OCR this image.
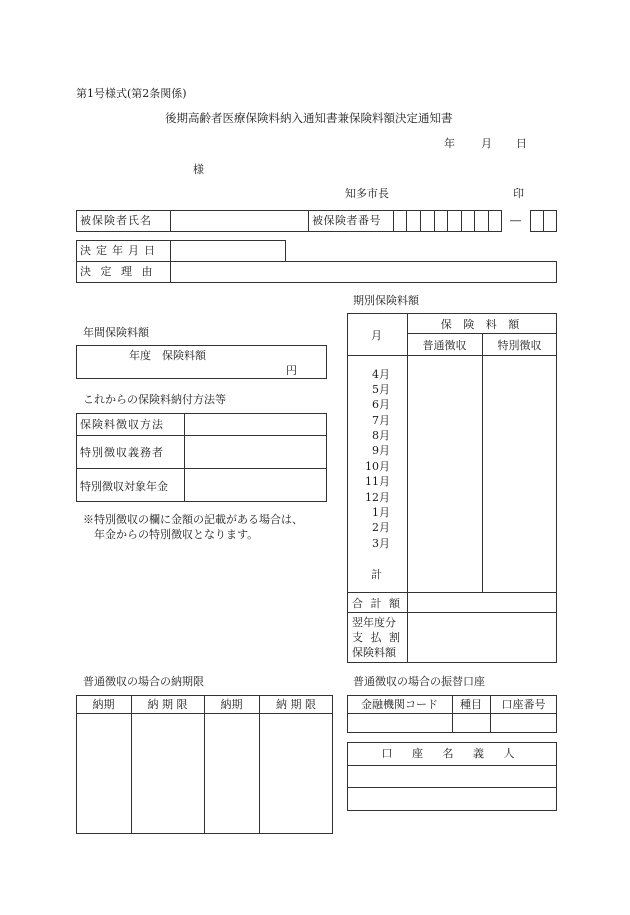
第1号様式(第2条関係)
後期高齢者医療保険料納入通知書兼保険料額決定通知書
年 月 日
様
知多市長	印
被保険者氏名	被保険者番号	―
決定年月日
決 定 理 由
年間保険料額
年度　保険料額
円
これからの保険料納付方法等
保険料徴収方法
特別徴収義務者
特別徴収対象年金
※特別徴収の欄に金額の記載がある場合は、
年金からの特別徴収となります。
期別保険料額
月
保 険 料 額
普通徴収	特別徴収
4月
5月
6月
7月
8月
9月
10月
11月
12月
1月
2月
3月
計
合 計 額
翌年度分
支 払 割
保険料額
普通徴収の場合の納期限
納期	納 期 限	納期	納 期 限
普通徴収の場合の振替口座
金融機関コード	種目	口座番号
口 座 名 義 人
